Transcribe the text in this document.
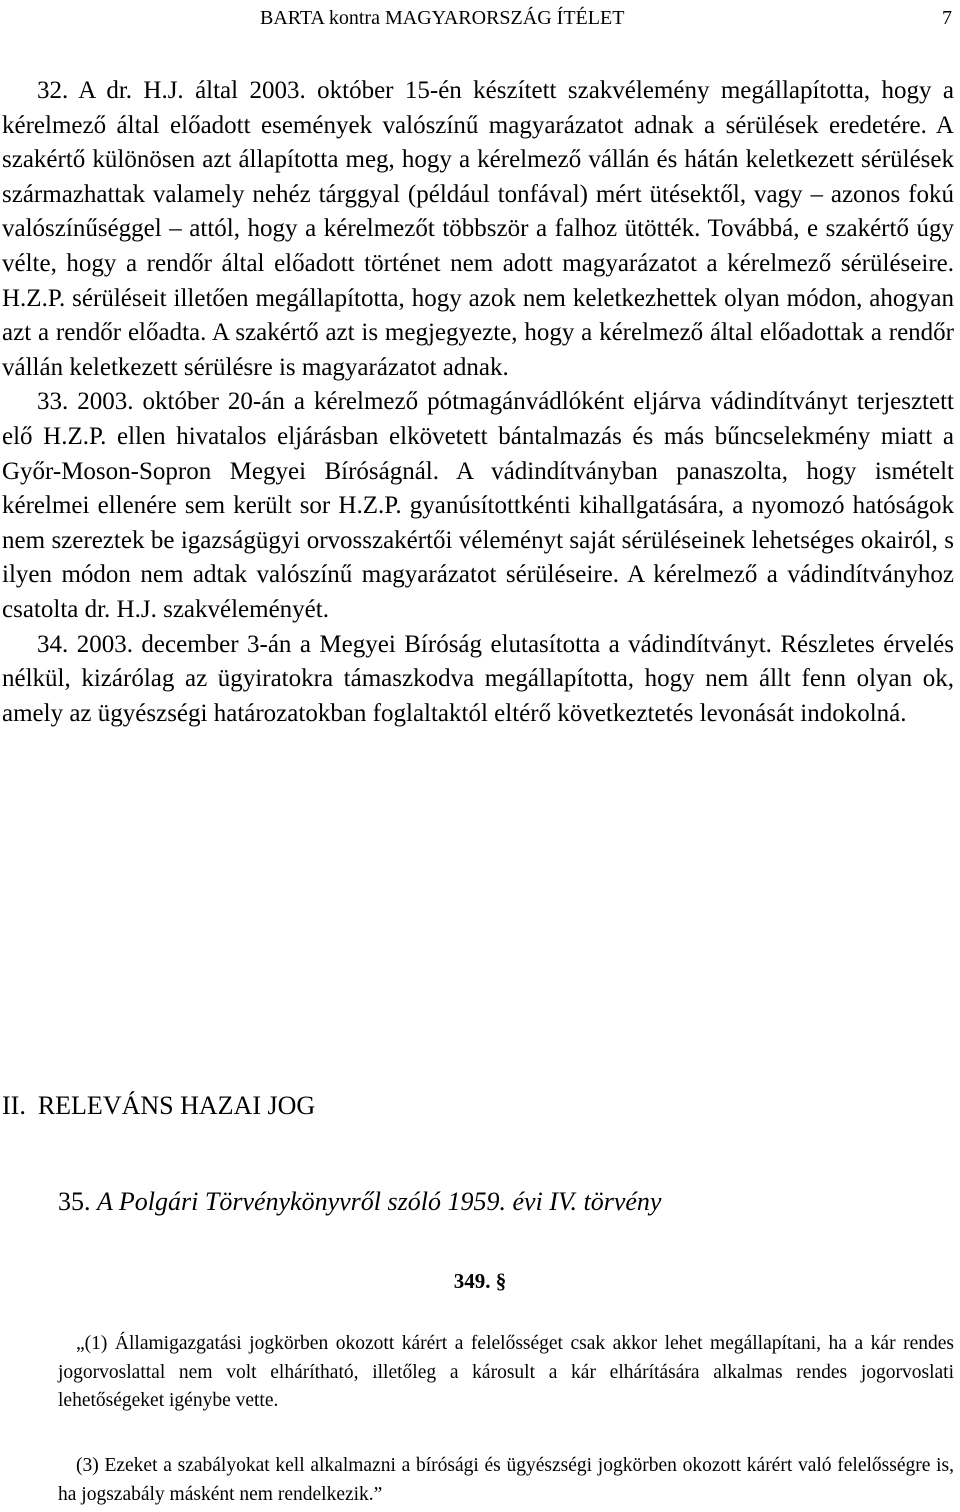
BARTA kontra MAGYARORSZÁG ÍTÉLET	7

32. A dr. H.J. által 2003. október 15-én készített szakvélemény megállapította, hogy a kérelmező által előadott események valószínű magyarázatot adnak a sérülések eredetére. A szakértő különösen azt állapította meg, hogy a kérelmező vállán és hátán keletkezett sérülések származhattak valamely nehéz tárggyal (például tonfával) mért ütésektől, vagy – azonos fokú valószínűséggel – attól, hogy a kérelmezőt többször a falhoz ütötték. Továbbá, e szakértő úgy vélte, hogy a rendőr által előadott történet nem adott magyarázatot a kérelmező sérüléseire. H.Z.P. sérüléseit illetően megállapította, hogy azok nem keletkezhettek olyan módon, ahogyan azt a rendőr előadta. A szakértő azt is megjegyezte, hogy a kérelmező által előadottak a rendőr vállán keletkezett sérülésre is magyarázatot adnak.

33. 2003. október 20-án a kérelmező pótmagánvádlóként eljárva vádindítványt terjesztett elő H.Z.P. ellen hivatalos eljárásban elkövetett bántalmazás és más bűncselekmény miatt a Győr-Moson-Sopron Megyei Bíróságnál. A vádindítványban panaszolta, hogy ismételt kérelmei ellenére sem került sor H.Z.P. gyanúsítottkénti kihallgatására, a nyomozó hatóságok nem szereztek be igazságügyi orvosszakértői véleményt saját sérüléseinek lehetséges okairól, s ilyen módon nem adtak valószínű magyarázatot sérüléseire. A kérelmező a vádindítványhoz csatolta dr. H.J. szakvéleményét.

34. 2003. december 3-án a Megyei Bíróság elutasította a vádindítványt. Részletes érvelés nélkül, kizárólag az ügyiratokra támaszkodva megállapította, hogy nem állt fenn olyan ok, amely az ügyészségi határozatokban foglaltaktól eltérő következtetés levonását indokolná.

II. RELEVÁNS HAZAI JOG
35. A Polgári Törvénykönyvről szóló 1959. évi IV. törvény
349. §

„(1) Államigazgatási jogkörben okozott kárért a felelősséget csak akkor lehet megállapítani, ha a kár rendes jogorvoslattal nem volt elhárítható, illetőleg a károsult a kár elhárítására alkalmas rendes jogorvoslati lehetőségeket igénybe vette.

(3) Ezeket a szabályokat kell alkalmazni a bírósági és ügyészségi jogkörben okozott kárért való felelősségre is, ha jogszabály másként nem rendelkezik.”
